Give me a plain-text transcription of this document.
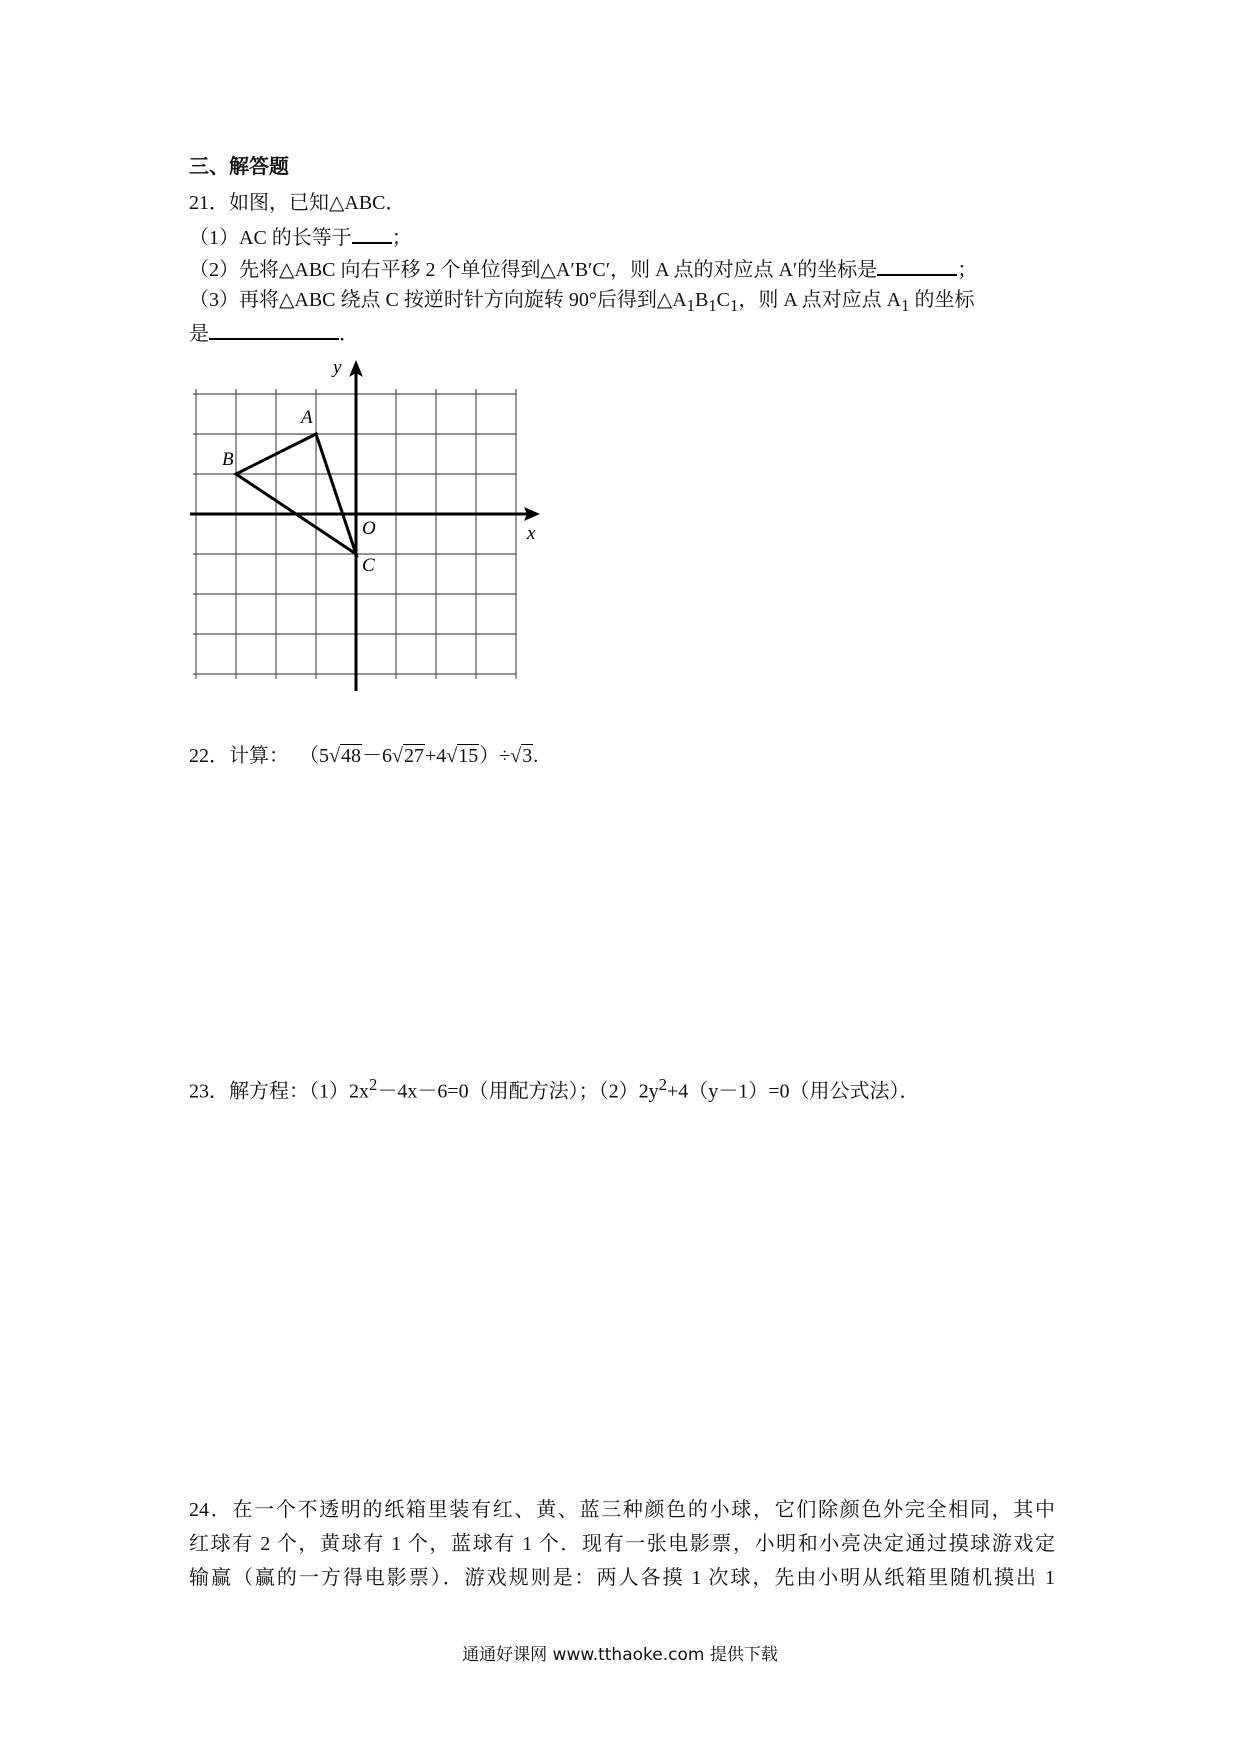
三、解答题
21．如图，已知△ABC．
（1）AC 的长等于 ；
（2）先将△ABC 向右平移 2 个单位得到△A′B′C′，则 A 点的对应点 A′的坐标是	；
（3）再将△ABC 绕点 C 按逆时针方向旋转 90°后得到$\triangle A_1B_1C_1$，则 A 点对应点 $A_1$ 的坐标
是	．
y
x
A
B
O
C
22．计算： （5√48－6√27+4√15）÷√3.
23．解方程：$(1)2x^2-4x-6=0$（用配方法）；$(2)2y^2+4(y-1)=0$（用公式法）．
24．在一个不透明的纸箱里装有红、黄、蓝三种颜色的小球，它们除颜色外完全相同，其中
红球有 2 个，黄球有 1 个，蓝球有 1 个．现有一张电影票，小明和小亮决定通过摸球游戏定
输赢（赢的一方得电影票）．游戏规则是：两人各摸 1 次球，先由小明从纸箱里随机摸出 1
通通好课网 www.tthaoke.com 提供下载
